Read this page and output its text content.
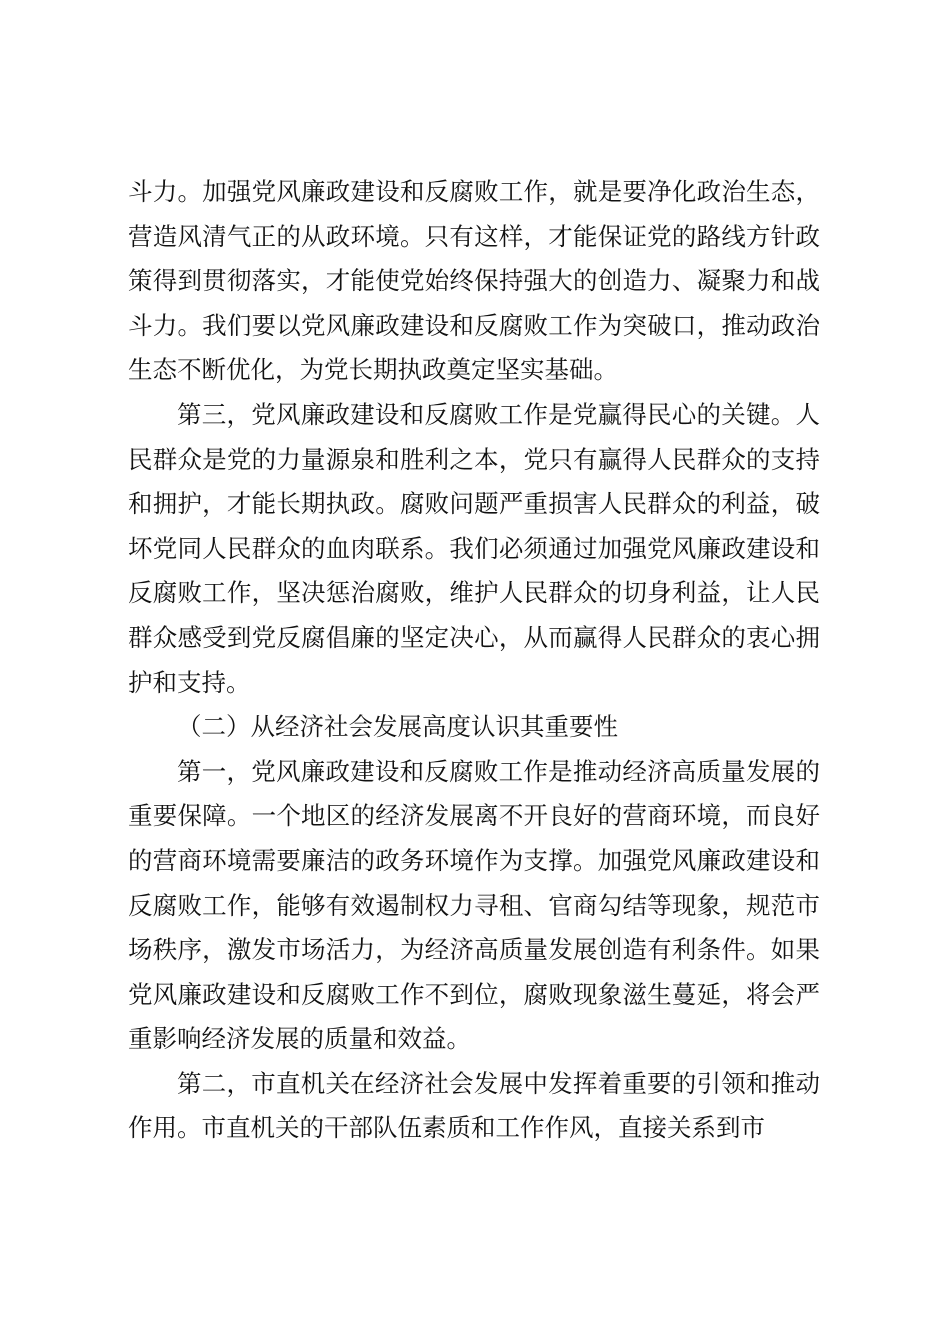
斗力。加强党风廉政建设和反腐败工作，就是要净化政治生态，营造风清气正的从政环境。只有这样，才能保证党的路线方针政策得到贯彻落实，才能使党始终保持强大的创造力、凝聚力和战斗力。我们要以党风廉政建设和反腐败工作为突破口，推动政治生态不断优化，为党长期执政奠定坚实基础。

第三，党风廉政建设和反腐败工作是党赢得民心的关键。人民群众是党的力量源泉和胜利之本，党只有赢得人民群众的支持和拥护，才能长期执政。腐败问题严重损害人民群众的利益，破坏党同人民群众的血肉联系。我们必须通过加强党风廉政建设和反腐败工作，坚决惩治腐败，维护人民群众的切身利益，让人民群众感受到党反腐倡廉的坚定决心，从而赢得人民群众的衷心拥护和支持。

（二）从经济社会发展高度认识其重要性

第一，党风廉政建设和反腐败工作是推动经济高质量发展的重要保障。一个地区的经济发展离不开良好的营商环境，而良好的营商环境需要廉洁的政务环境作为支撑。加强党风廉政建设和反腐败工作，能够有效遏制权力寻租、官商勾结等现象，规范市场秩序，激发市场活力，为经济高质量发展创造有利条件。如果党风廉政建设和反腐败工作不到位，腐败现象滋生蔓延，将会严重影响经济发展的质量和效益。

第二，市直机关在经济社会发展中发挥着重要的引领和推动作用。市直机关的干部队伍素质和工作作风，直接关系到市
